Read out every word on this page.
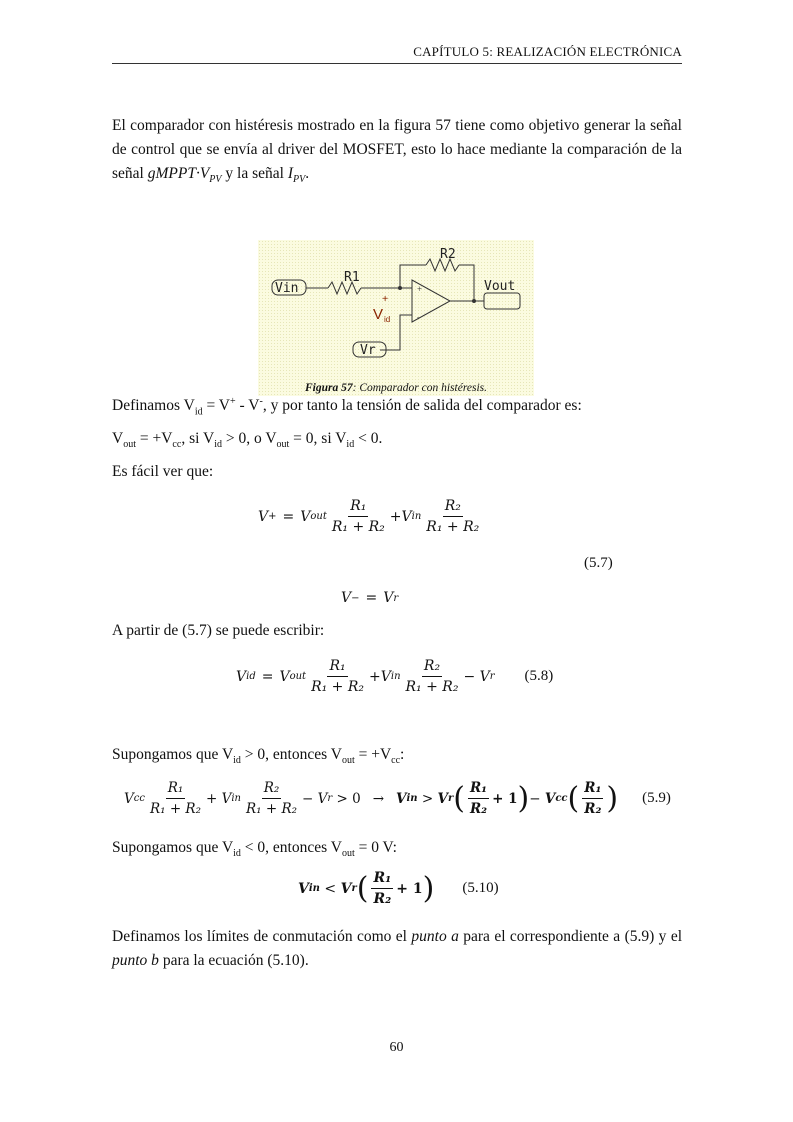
CAPÍTULO 5: REALIZACIÓN ELECTRÓNICA
El comparador con histéresis mostrado en la figura 57 tiene como objetivo generar la señal de control que se envía al driver del MOSFET, esto lo hace mediante la comparación de la señal $gMPPT\cdot V_{PV}$ y la señal $I_{PV}$.
Vin
R1
R2
Vout
Vr
+
-
+
V id
Figura 57: Comparador con histéresis.
Definamos $V_{id} = V^+ - V^-$, y por tanto la tensión de salida del comparador es:
$V_{out} = +V_{cc}$, si $V_{id} > 0$, o $V_{out} = 0$, si $V_{id} < 0$.
Es fácil ver que:
V + = V out $\frac{\text{R₁}}{\text{R₁ + R₂}} + V$ in $\frac{\text{R₂}}{\text{R₁ + R₂}}$
(5.7)
V − = V r
A partir de (5.7) se puede escribir:
V id = V out $\frac{\text{R₁}}{\text{R₁ + R₂}} + V$ in $\frac{\text{R₂}}{\text{R₁ + R₂}}$ −
V r (5.8)
Supongamos que $V_{id} > 0$, entonces $V_{out} = +V_{cc}$:
V cc $\frac{\text{R₁}}{\text{R₁ + R₂}}$ +
V in $\frac{\text{R₂}}{\text{R₁ + R₂}}$ −
V r
> 0 → V in
>
V r ( $\frac{\text{R₁}}{\text{R₂}} + 1$ ) −
V cc ( $\frac{\text{R₁}}{\text{R₂}}$ ) (5.9)
Supongamos que $V_{id} < 0$, entonces $V_{out} = 0$ V:
V in
<
V r ( $\frac{\text{R₁}}{\text{R₂}} + 1$ ) (5.10)
Definamos los límites de conmutación como el punto a para el correspondiente a (5.9) y el punto b para la ecuación (5.10).
60
